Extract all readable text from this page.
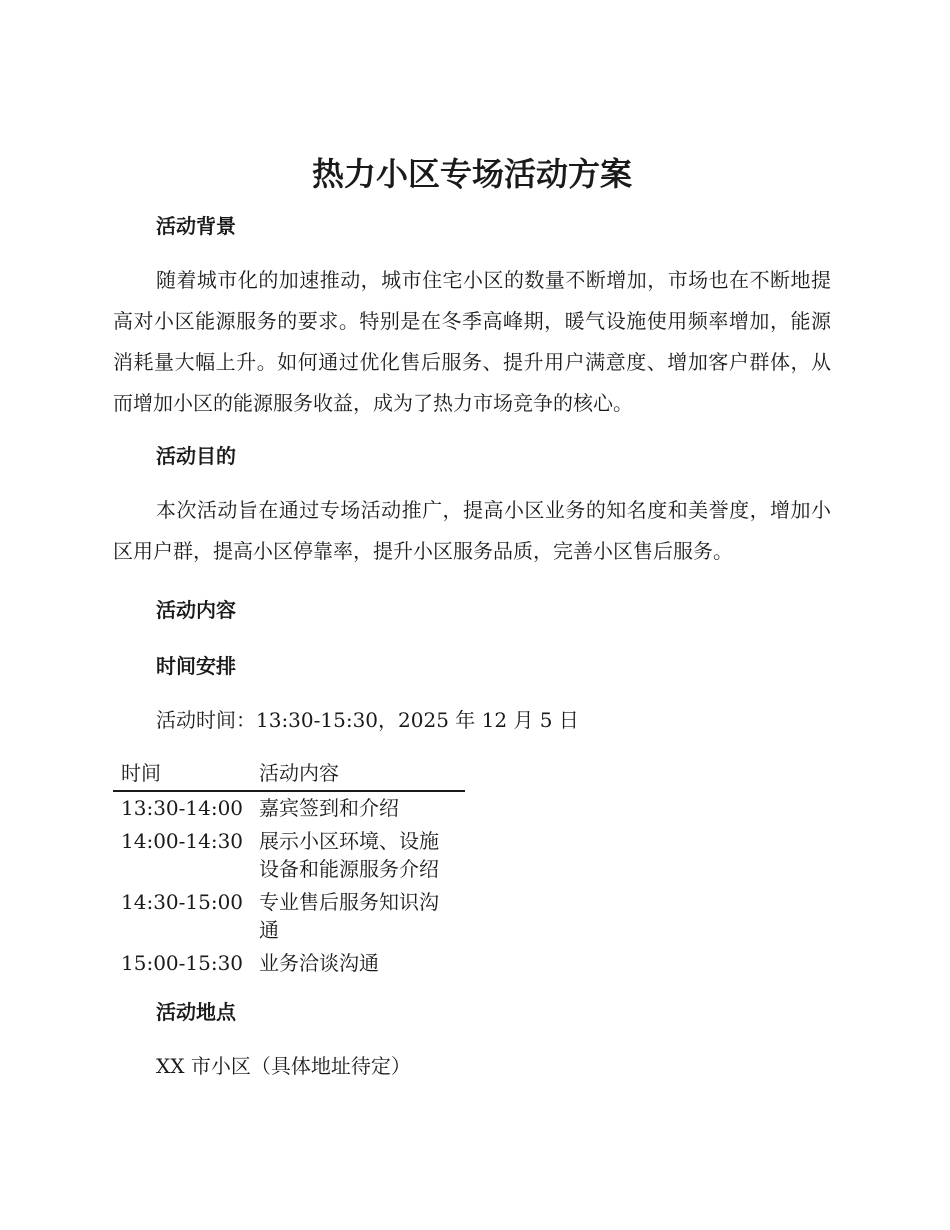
热力小区专场活动方案
活动背景

随着城市化的加速推动，城市住宅小区的数量不断增加，市场也在不断地提高对小区能源服务的要求。特别是在冬季高峰期，暖气设施使用频率增加，能源消耗量大幅上升。如何通过优化售后服务、提升用户满意度、增加客户群体，从而增加小区的能源服务收益，成为了热力市场竞争的核心。

活动目的

本次活动旨在通过专场活动推广，提高小区业务的知名度和美誉度，增加小区用户群，提高小区停靠率，提升小区服务品质，完善小区售后服务。

活动内容
时间安排

活动时间：13:30-15:30，2025 年 12 月 5 日

时间	活动内容
13:30-14:00	嘉宾签到和介绍
14:00-14:30	展示小区环境、设施设备和能源服务介绍
14:30-15:00	专业售后服务知识沟通
15:00-15:30	业务洽谈沟通
活动地点

XX 市小区（具体地址待定）
